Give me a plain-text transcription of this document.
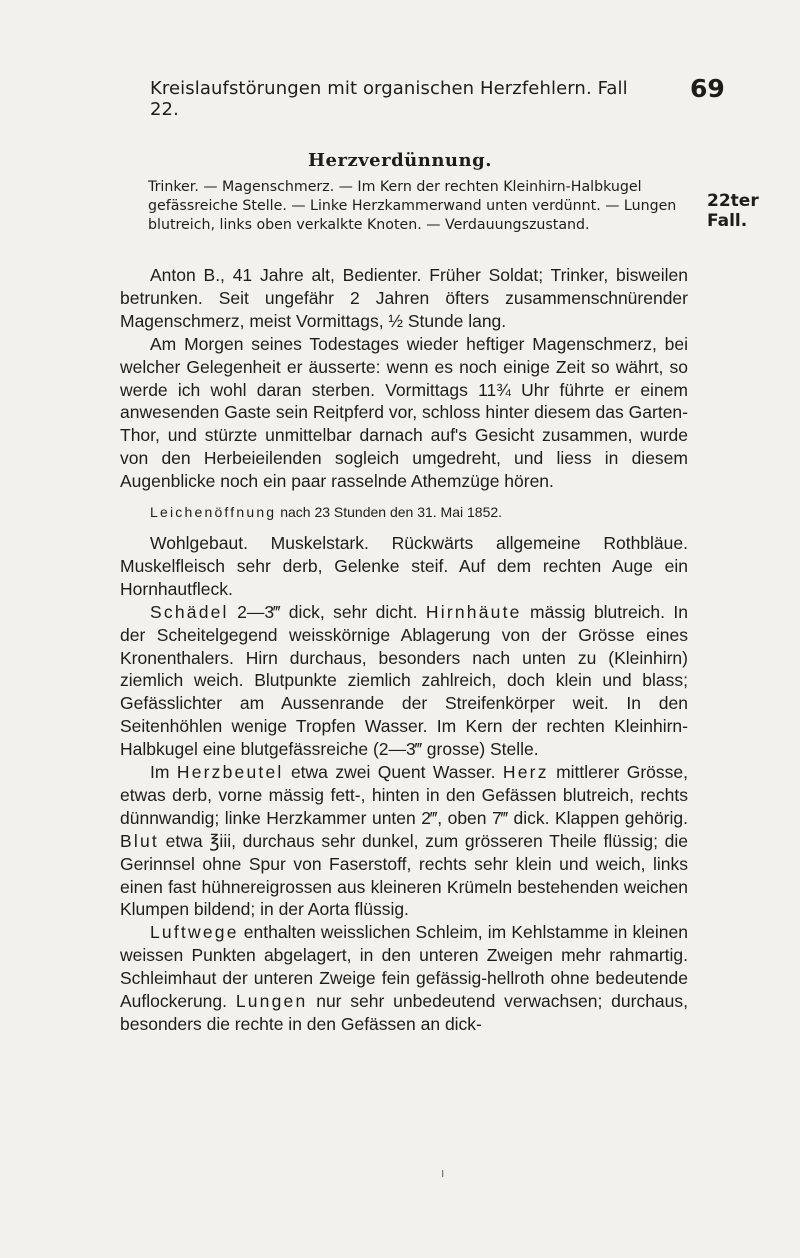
Kreislaufstörungen mit organischen Herzfehlern. Fall 22.
69
Herzverdünnung.
Trinker. — Magenschmerz. — Im Kern der rechten Kleinhirn-Halbkugel gefässreiche Stelle. — Linke Herzkammerwand unten verdünnt. — Lungen blutreich, links oben verkalkte Knoten. — Verdauungszustand.
22ter
Fall.

Anton B., 41 Jahre alt, Bedienter. Früher Soldat; Trinker, bisweilen betrunken. Seit ungefähr 2 Jahren öfters zusammenschnürender Magenschmerz, meist Vormittags, ½ Stunde lang.

Am Morgen seines Todestages wieder heftiger Magenschmerz, bei welcher Gelegenheit er äusserte: wenn es noch einige Zeit so währt, so werde ich wohl daran sterben. Vormittags 11¾ Uhr führte er einem anwesenden Gaste sein Reitpferd vor, schloss hinter diesem das Garten-Thor, und stürzte unmittelbar darnach auf's Gesicht zusammen, wurde von den Herbeieilenden sogleich umgedreht, und liess in diesem Augenblicke noch ein paar rasselnde Athemzüge hören.

Leichenöffnung nach 23 Stunden den 31. Mai 1852.

Wohlgebaut. Muskelstark. Rückwärts allgemeine Rothbläue. Muskelfleisch sehr derb, Gelenke steif. Auf dem rechten Auge ein Hornhautfleck.

Schädel 2—3‴ dick, sehr dicht. Hirnhäute mässig blutreich. In der Scheitelgegend weisskörnige Ablagerung von der Grösse eines Kronenthalers. Hirn durchaus, besonders nach unten zu (Kleinhirn) ziemlich weich. Blutpunkte ziemlich zahlreich, doch klein und blass; Gefässlichter am Aussenrande der Streifenkörper weit. In den Seitenhöhlen wenige Tropfen Wasser. Im Kern der rechten Kleinhirn-Halbkugel eine blutgefässreiche (2—3‴ grosse) Stelle.

Im Herzbeutel etwa zwei Quent Wasser. Herz mittlerer Grösse, etwas derb, vorne mässig fett-, hinten in den Gefässen blutreich, rechts dünnwandig; linke Herzkammer unten 2‴, oben 7‴ dick. Klappen gehörig. Blut etwa ℥iii, durchaus sehr dunkel, zum grösseren Theile flüssig; die Gerinnsel ohne Spur von Faserstoff, rechts sehr klein und weich, links einen fast hühnereigrossen aus kleineren Krümeln bestehenden weichen Klumpen bildend; in der Aorta flüssig.

Luftwege enthalten weisslichen Schleim, im Kehlstamme in kleinen weissen Punkten abgelagert, in den unteren Zweigen mehr rahmartig. Schleimhaut der unteren Zweige fein gefässig-hellroth ohne bedeutende Auflockerung. Lungen nur sehr unbedeutend verwachsen; durchaus, besonders die rechte in den Gefässen an dick-

ı
